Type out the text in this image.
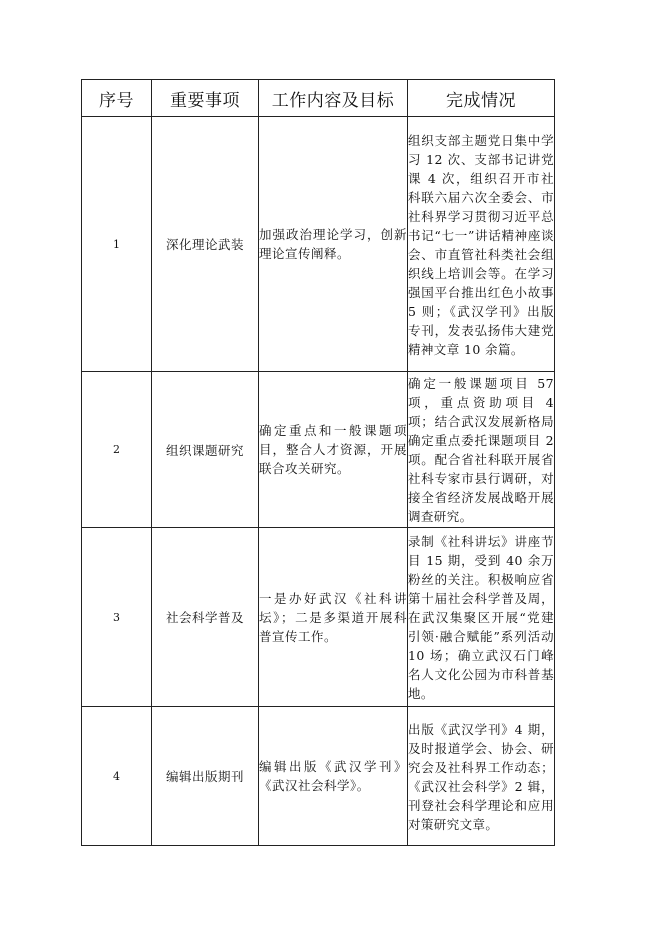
序号	重要事项	工作内容及目标	完成情况
1	深化理论武装	加强政治理论学习，创新理论宣传阐释。	组织支部主题党日集中学习 12 次、支部书记讲党课 4 次，组织召开市社科联六届六次全委会、市社科界学习贯彻习近平总书记“七一”讲话精神座谈会、市直管社科类社会组织线上培训会等。在学习强国平台推出红色小故事 5 则；《武汉学刊》出版专刊，发表弘扬伟大建党精神文章 10 余篇。

2	组织课题研究	确定重点和一般课题项目，整合人才资源，开展联合攻关研究。	确定一般课题项目 57 项，重点资助项目 4 项；结合武汉发展新格局确定重点委托课题项目 2 项。配合省社科联开展省社科专家市县行调研，对接全省经济发展战略开展调查研究。

3	社会科学普及	一是办好武汉《社科讲坛》；二是多渠道开展科普宣传工作。	录制《社科讲坛》讲座节目 15 期，受到 40 余万粉丝的关注。积极响应省第十届社会科学普及周，在武汉集聚区开展“党建引领·融合赋能”系列活动 10 场；确立武汉石门峰名人文化公园为市科普基地。

4	编辑出版期刊	编辑出版《武汉学刊》《武汉社会科学》。	出版《武汉学刊》4 期，及时报道学会、协会、研究会及社科界工作动态；《武汉社会科学》2 辑，刊登社会科学理论和应用对策研究文章。
